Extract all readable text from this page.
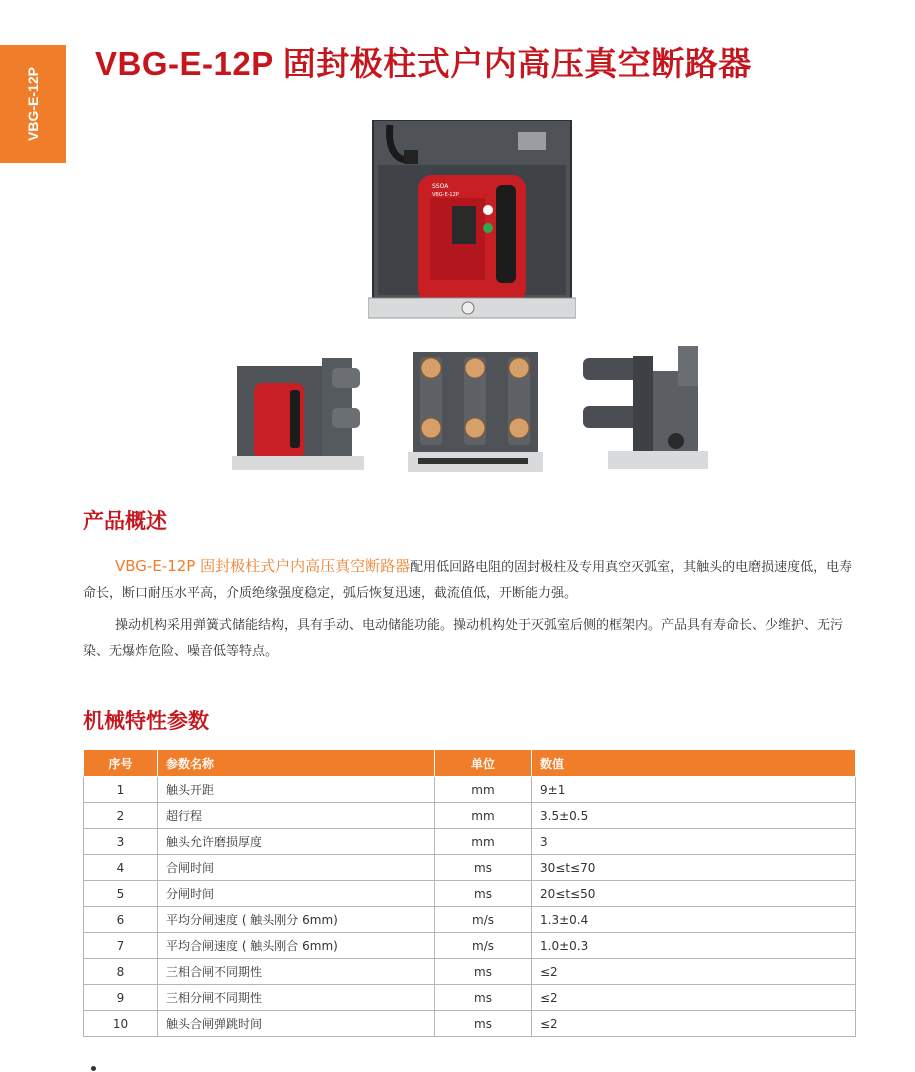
VBG-E-12P
VBG-E-12P 固封极柱式户内高压真空断路器
SSOA
VBG-E-12P
产品概述
VBG-E-12P 固封极柱式户内高压真空断路器配用低回路电阻的固封极柱及专用真空灭弧室，其触头的电磨损速度低，电寿命长，断口耐压水平高，介质绝缘强度稳定，弧后恢复迅速，截流值低，开断能力强。
操动机构采用弹簧式储能结构，具有手动、电动储能功能。操动机构处于灭弧室后侧的框架内。产品具有寿命长、少维护、无污染、无爆炸危险、噪音低等特点。
机械特性参数
序号	参数名称	单位	数值
1	触头开距	mm	9±1
2	超行程	mm	3.5±0.5
3	触头允许磨损厚度	mm	3
4	合闸时间	ms	30≤t≤70
5	分闸时间	ms	20≤t≤50
6	平均分闸速度 ( 触头刚分 6mm)	m/s	1.3±0.4
7	平均合闸速度 ( 触头刚合 6mm)	m/s	1.0±0.3
8	三相合闸不同期性	ms	≤2
9	三相分闸不同期性	ms	≤2
10	触头合闸弹跳时间	ms	≤2
